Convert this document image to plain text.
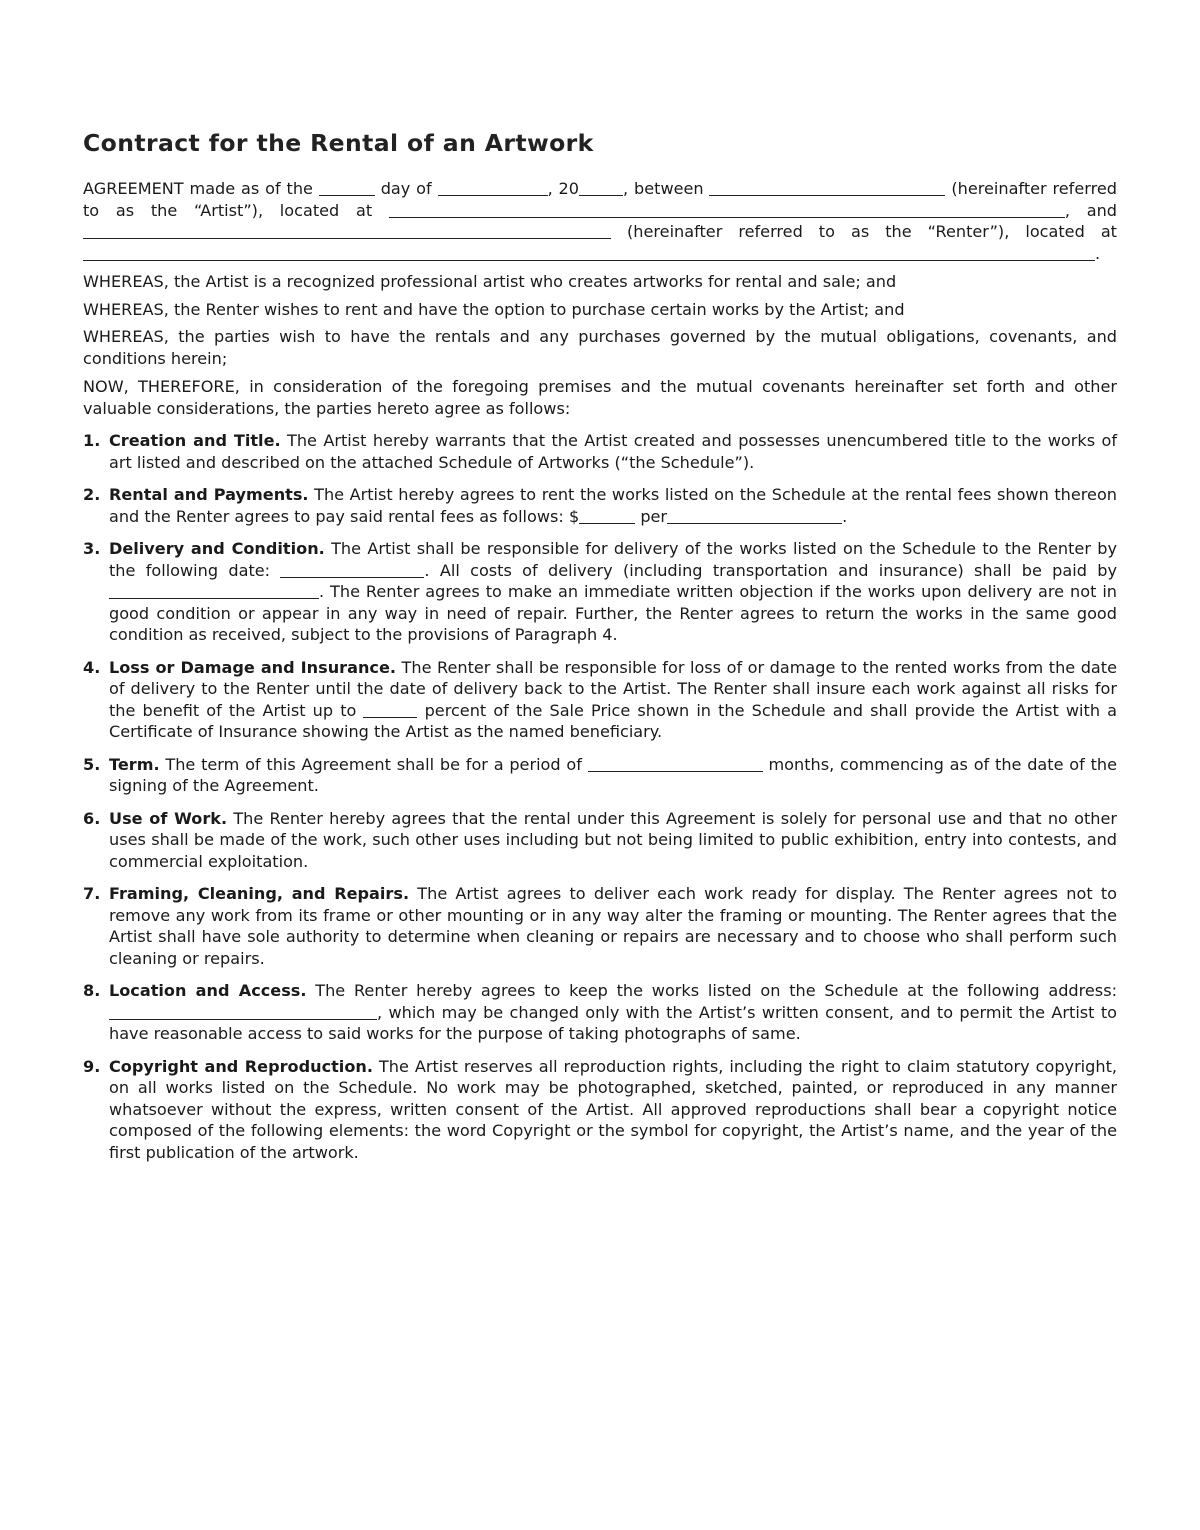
Contract for the Rental of an Artwork

AGREEMENT made as of the	day of	, 20	, between	(hereinafter referred to as the “Artist”), located at	, and  (hereinafter referred to as the “Renter”), located at .

WHEREAS, the Artist is a recognized professional artist who creates artworks for rental and sale; and

WHEREAS, the Renter wishes to rent and have the option to purchase certain works by the Artist; and

WHEREAS, the parties wish to have the rentals and any purchases governed by the mutual obligations, covenants, and conditions herein;

NOW, THEREFORE, in consideration of the foregoing premises and the mutual covenants hereinafter set forth and other valuable considerations, the parties hereto agree as follows:

1. Creation and Title. The Artist hereby warrants that the Artist created and possesses unencumbered title to the works of art listed and described on the attached Schedule of Artworks (“the Schedule”).
2. Rental and Payments. The Artist hereby agrees to rent the works listed on the Schedule at the rental fees shown thereon and the Renter agrees to pay said rental fees as follows: $	per	.
3. Delivery and Condition. The Artist shall be responsible for delivery of the works listed on the Schedule to the Renter by the following date:	. All costs of delivery (including transportation and insurance) shall be paid by . The Renter agrees to make an immediate written objection if the works upon delivery are not in good condition or appear in any way in need of repair. Further, the Renter agrees to return the works in the same good condition as received, subject to the provisions of Paragraph 4.
4. Loss or Damage and Insurance. The Renter shall be responsible for loss of or damage to the rented works from the date of delivery to the Renter until the date of delivery back to the Artist. The Renter shall insure each work against all risks for the benefit of the Artist up to	percent of the Sale Price shown in the Schedule and shall provide the Artist with a Certificate of Insurance showing the Artist as the named beneficiary.
5. Term. The term of this Agreement shall be for a period of	months, commencing as of the date of the signing of the Agreement.
6. Use of Work. The Renter hereby agrees that the rental under this Agreement is solely for personal use and that no other uses shall be made of the work, such other uses including but not being limited to public exhibition, entry into contests, and commercial exploitation.
7. Framing, Cleaning, and Repairs. The Artist agrees to deliver each work ready for display. The Renter agrees not to remove any work from its frame or other mounting or in any way alter the framing or mounting. The Renter agrees that the Artist shall have sole authority to determine when cleaning or repairs are necessary and to choose who shall perform such cleaning or repairs.
8. Location and Access. The Renter hereby agrees to keep the works listed on the Schedule at the following address: , which may be changed only with the Artist’s written consent, and to permit the Artist to have reasonable access to said works for the purpose of taking photographs of same.
9. Copyright and Reproduction. The Artist reserves all reproduction rights, including the right to claim statutory copyright, on all works listed on the Schedule. No work may be photographed, sketched, painted, or reproduced in any manner whatsoever without the express, written consent of the Artist. All approved reproductions shall bear a copyright notice composed of the following elements: the word Copyright or the symbol for copyright, the Artist’s name, and the year of the first publication of the artwork.
